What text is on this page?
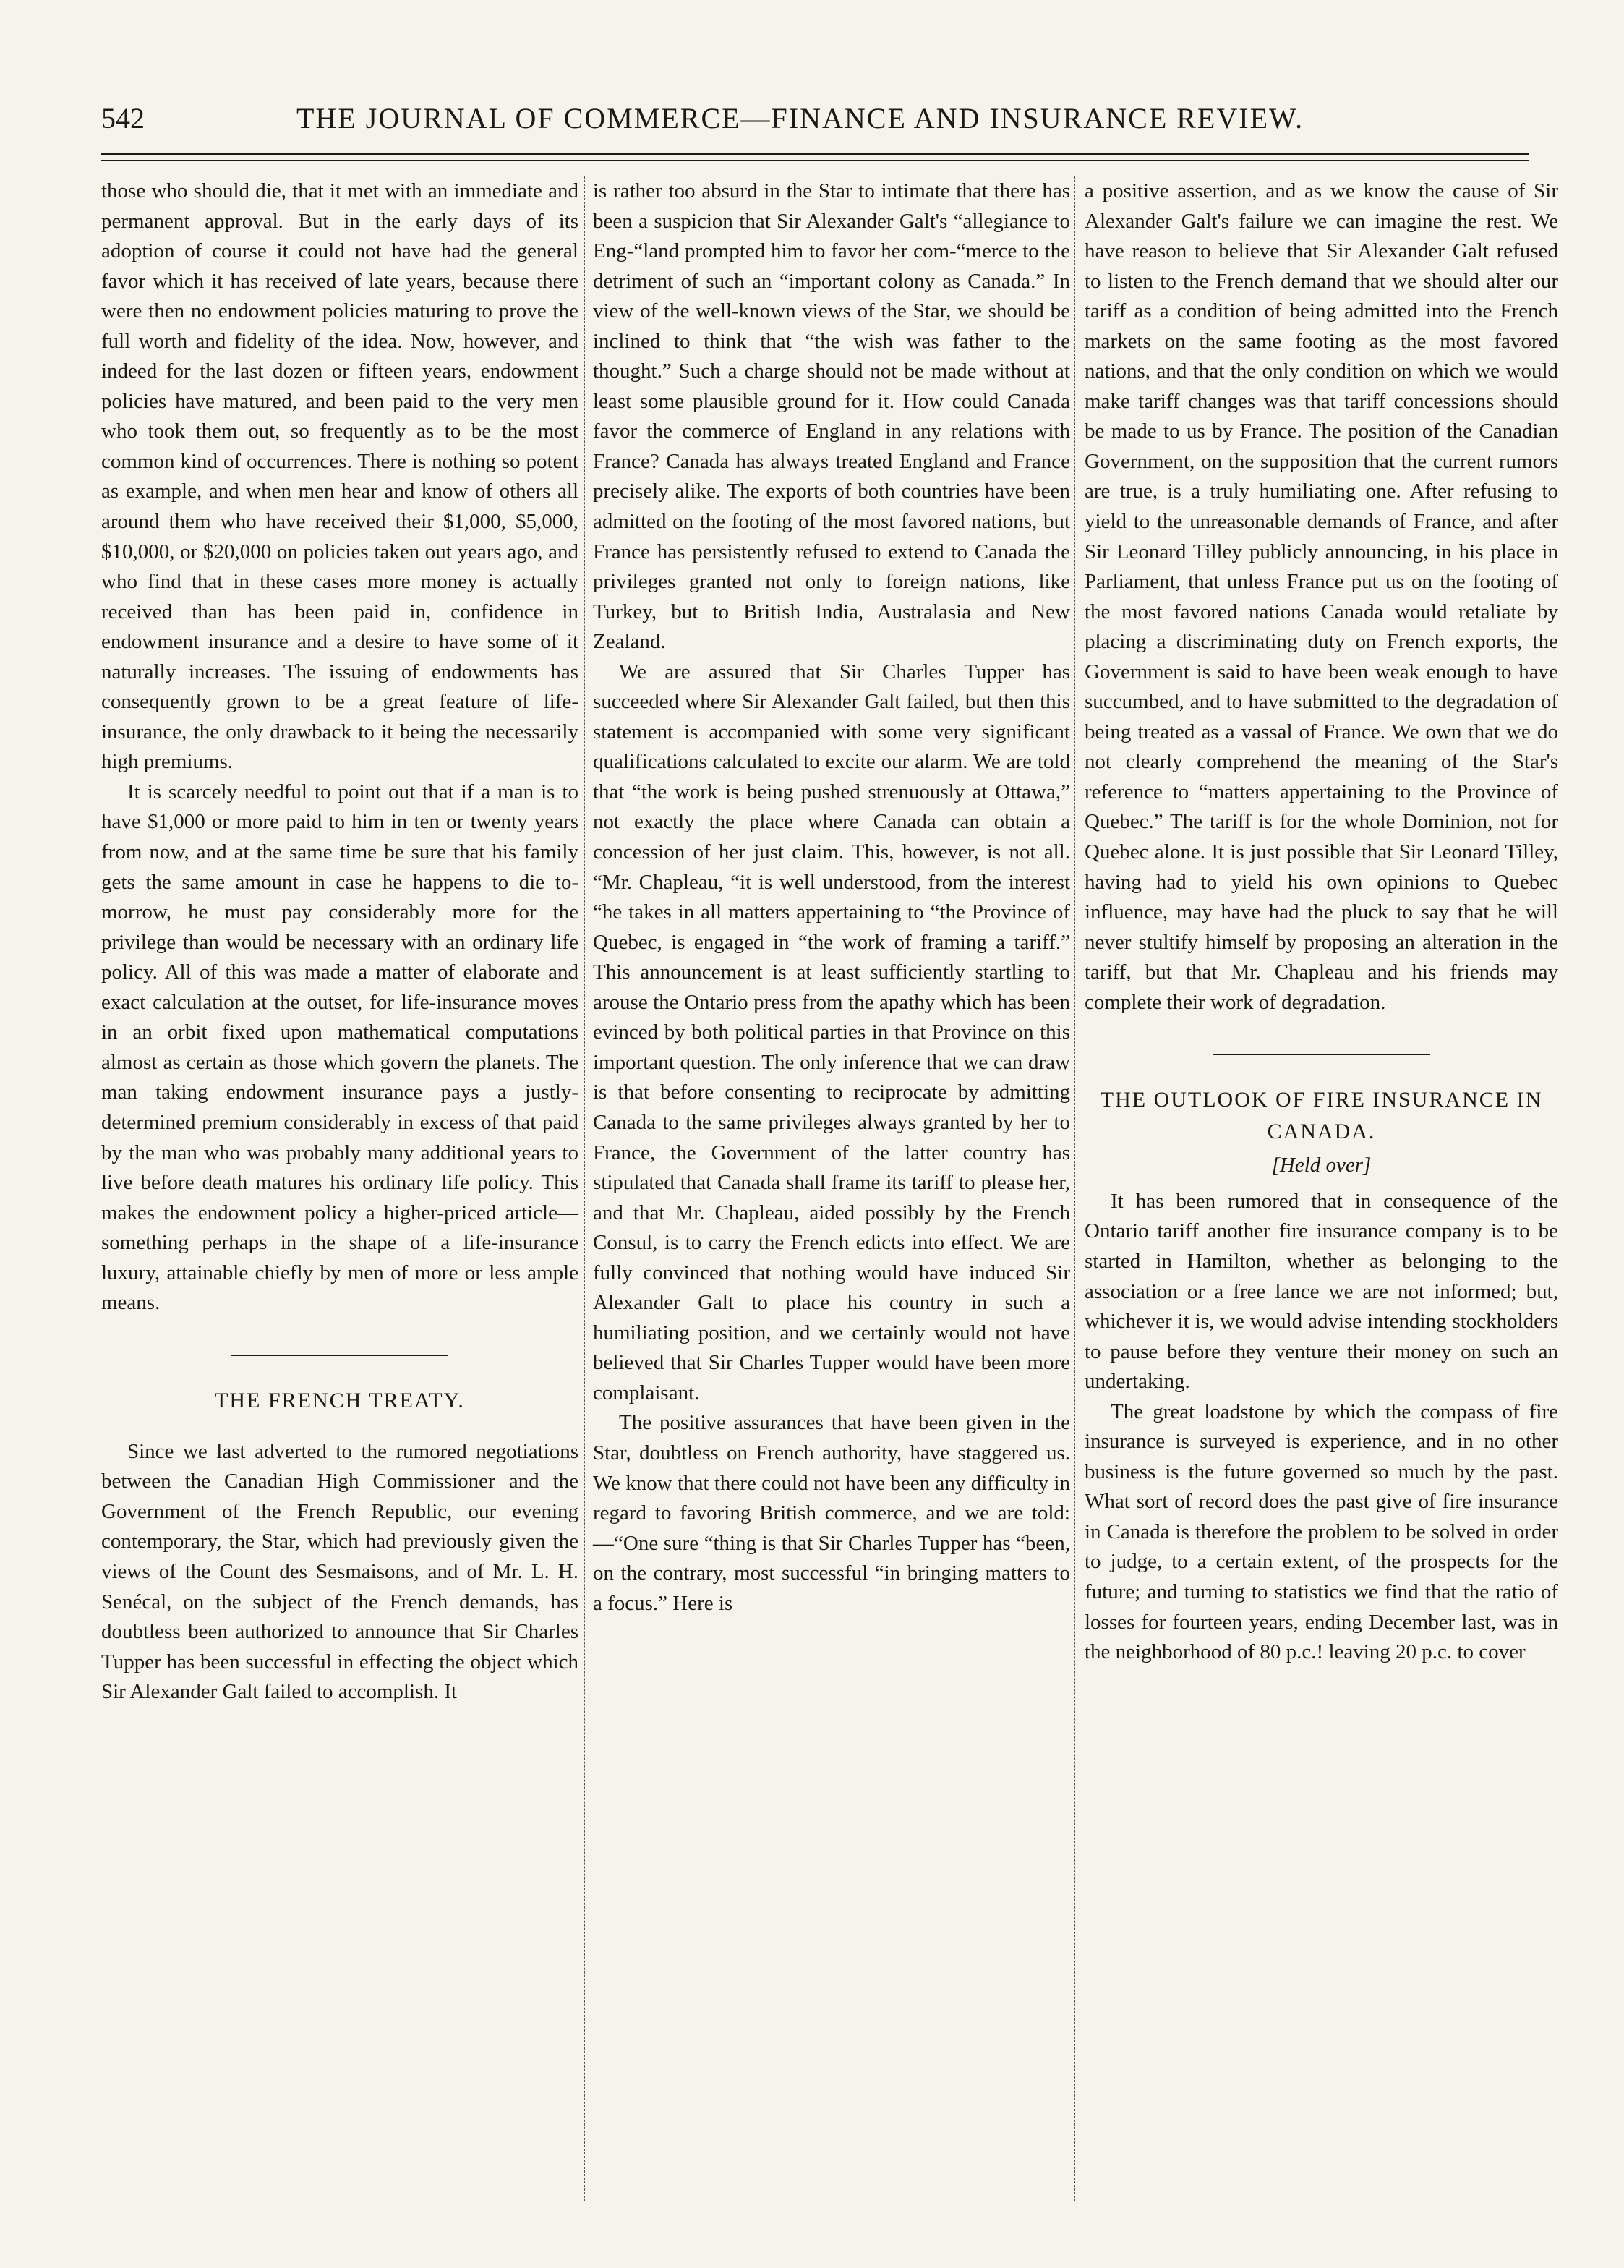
542	THE JOURNAL OF COMMERCE—FINANCE AND INSURANCE REVIEW.

those who should die, that it met with an immediate and permanent approval. But in the early days of its adoption of course it could not have had the general favor which it has received of late years, because there were then no endowment policies maturing to prove the full worth and fidelity of the idea. Now, however, and indeed for the last dozen or fifteen years, endowment policies have matured, and been paid to the very men who took them out, so frequently as to be the most common kind of occurrences. There is nothing so potent as example, and when men hear and know of others all around them who have received their $1,000, $5,000, $10,000, or $20,000 on policies taken out years ago, and who find that in these cases more money is actually received than has been paid in, confidence in endowment insurance and a desire to have some of it naturally increases. The issuing of endowments has consequently grown to be a great feature of life-insurance, the only drawback to it being the necessarily high premiums.

It is scarcely needful to point out that if a man is to have $1,000 or more paid to him in ten or twenty years from now, and at the same time be sure that his family gets the same amount in case he happens to die to-morrow, he must pay considerably more for the privilege than would be necessary with an ordinary life policy. All of this was made a matter of elaborate and exact calculation at the outset, for life-insurance moves in an orbit fixed upon mathematical computations almost as certain as those which govern the planets. The man taking endowment insurance pays a justly-determined premium considerably in excess of that paid by the man who was probably many additional years to live before death matures his ordinary life policy. This makes the endowment policy a higher-priced article—something perhaps in the shape of a life-insurance luxury, attainable chiefly by men of more or less ample means.

THE FRENCH TREATY.

Since we last adverted to the rumored negotiations between the Canadian High Commissioner and the Government of the French Republic, our evening contemporary, the Star, which had previously given the views of the Count des Sesmaisons, and of Mr. L. H. Senécal, on the subject of the French demands, has doubtless been authorized to announce that Sir Charles Tupper has been successful in effecting the object which Sir Alexander Galt failed to accomplish. It

is rather too absurd in the Star to intimate that there has been a suspicion that Sir Alexander Galt's “allegiance to Eng-“land prompted him to favor her com-“merce to the detriment of such an “important colony as Canada.” In view of the well-known views of the Star, we should be inclined to think that “the wish was father to the thought.” Such a charge should not be made without at least some plausible ground for it. How could Canada favor the commerce of England in any relations with France? Canada has always treated England and France precisely alike. The exports of both countries have been admitted on the footing of the most favored nations, but France has persistently refused to extend to Canada the privileges granted not only to foreign nations, like Turkey, but to British India, Australasia and New Zealand.

We are assured that Sir Charles Tupper has succeeded where Sir Alexander Galt failed, but then this statement is accompanied with some very significant qualifications calculated to excite our alarm. We are told that “the work is being pushed strenuously at Ottawa,” not exactly the place where Canada can obtain a concession of her just claim. This, however, is not all. “Mr. Chapleau, “it is well understood, from the interest “he takes in all matters appertaining to “the Province of Quebec, is engaged in “the work of framing a tariff.” This announcement is at least sufficiently startling to arouse the Ontario press from the apathy which has been evinced by both political parties in that Province on this important question. The only inference that we can draw is that before consenting to reciprocate by admitting Canada to the same privileges always granted by her to France, the Government of the latter country has stipulated that Canada shall frame its tariff to please her, and that Mr. Chapleau, aided possibly by the French Consul, is to carry the French edicts into effect. We are fully convinced that nothing would have induced Sir Alexander Galt to place his country in such a humiliating position, and we certainly would not have believed that Sir Charles Tupper would have been more complaisant.

The positive assurances that have been given in the Star, doubtless on French authority, have staggered us. We know that there could not have been any difficulty in regard to favoring British commerce, and we are told:—“One sure “thing is that Sir Charles Tupper has “been, on the contrary, most successful “in bringing matters to a focus.” Here is

a positive assertion, and as we know the cause of Sir Alexander Galt's failure we can imagine the rest. We have reason to believe that Sir Alexander Galt refused to listen to the French demand that we should alter our tariff as a condition of being admitted into the French markets on the same footing as the most favored nations, and that the only condition on which we would make tariff changes was that tariff concessions should be made to us by France. The position of the Canadian Government, on the supposition that the current rumors are true, is a truly humiliating one. After refusing to yield to the unreasonable demands of France, and after Sir Leonard Tilley publicly announcing, in his place in Parliament, that unless France put us on the footing of the most favored nations Canada would retaliate by placing a discriminating duty on French exports, the Government is said to have been weak enough to have succumbed, and to have submitted to the degradation of being treated as a vassal of France. We own that we do not clearly comprehend the meaning of the Star's reference to “matters appertaining to the Province of Quebec.” The tariff is for the whole Dominion, not for Quebec alone. It is just possible that Sir Leonard Tilley, having had to yield his own opinions to Quebec influence, may have had the pluck to say that he will never stultify himself by proposing an alteration in the tariff, but that Mr. Chapleau and his friends may complete their work of degradation.

THE OUTLOOK OF FIRE INSURANCE IN CANADA.
[Held over]

It has been rumored that in consequence of the Ontario tariff another fire insurance company is to be started in Hamilton, whether as belonging to the association or a free lance we are not informed; but, whichever it is, we would advise intending stockholders to pause before they venture their money on such an undertaking.

The great loadstone by which the compass of fire insurance is surveyed is experience, and in no other business is the future governed so much by the past. What sort of record does the past give of fire insurance in Canada is therefore the problem to be solved in order to judge, to a certain extent, of the prospects for the future; and turning to statistics we find that the ratio of losses for fourteen years, ending December last, was in the neighborhood of 80 p.c.! leaving 20 p.c. to cover
